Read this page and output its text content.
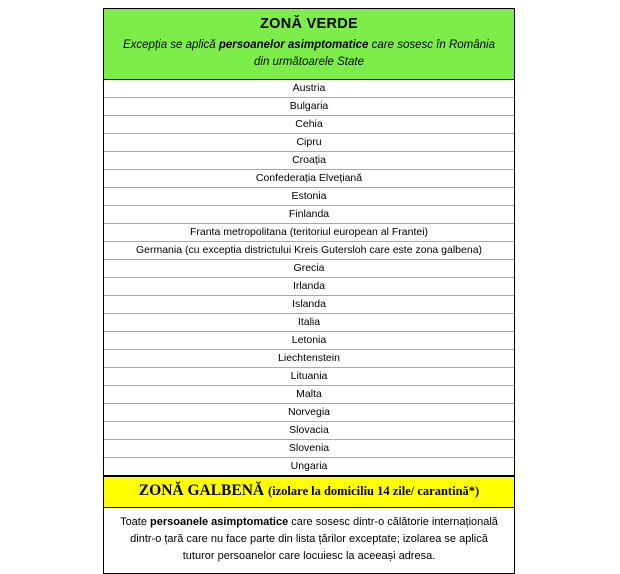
ZONĂ VERDE
Excepția se aplică persoanelor asimptomatice care sosesc în România din următoarele State
Austria
Bulgaria
Cehia
Cipru
Croația
Confederația Elvețiană
Estonia
Finlanda
Franta metropolitana (teritoriul european al Frantei)
Germania (cu exceptia districtului Kreis Gutersloh care este zona galbena)
Grecia
Irlanda
Islanda
Italia
Letonia
Liechtenstein
Lituania
Malta
Norvegia
Slovacia
Slovenia
Ungaria
ZONĂ GALBENĂ (izolare la domiciliu 14 zile/ carantină*)
Toate persoanele asimptomatice care sosesc dintr-o călătorie internațională dintr-o țară care nu face parte din lista țărilor exceptate; izolarea se aplică tuturor persoanelor care locuiesc la aceeași adresa.
